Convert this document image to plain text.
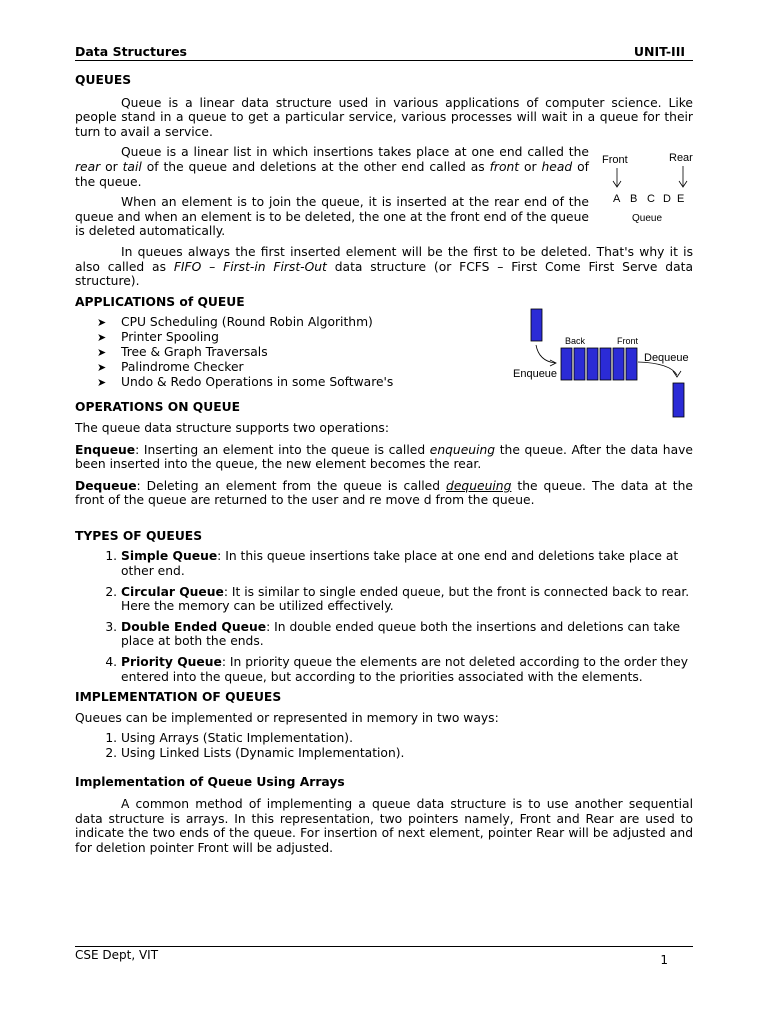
Data Structures	UNIT-III
Front	Rear
A B C D E
Queue
Back	Front
Enqueue
Dequeue

QUEUES

Queue is a linear data structure used in various applications of computer science. Like people stand in a queue to get a particular service, various processes will wait in a queue for their turn to avail a service.

Queue is a linear list in which insertions takes place at one end called the rear or tail of the queue and deletions at the other end called as front or head of the queue.

When an element is to join the queue, it is inserted at the rear end of the queue and when an element is to be deleted, the one at the front end of the queue is deleted automatically.

In queues always the first inserted element will be the first to be deleted. That's why it is also called as FIFO – First-in First-Out data structure (or FCFS – First Come First Serve data structure).

APPLICATIONS of QUEUE

➤ CPU Scheduling (Round Robin Algorithm)
➤ Printer Spooling
➤ Tree & Graph Traversals
➤ Palindrome Checker
➤ Undo & Redo Operations in some Software's

OPERATIONS ON QUEUE

The queue data structure supports two operations:

Enqueue: Inserting an element into the queue is called enqueuing the queue. After the data have been inserted into the queue, the new element becomes the rear.

Dequeue: Deleting an element from the queue is called dequeuing the queue. The data at the front of the queue are returned to the user and re move d from the queue.

TYPES OF QUEUES

1. Simple Queue: In this queue insertions take place at one end and deletions take place at other end.
2. Circular Queue: It is similar to single ended queue, but the front is connected back to rear. Here the memory can be utilized effectively.
3. Double Ended Queue: In double ended queue both the insertions and deletions can take place at both the ends.
4. Priority Queue: In priority queue the elements are not deleted according to the order they entered into the queue, but according to the priorities associated with the elements.

IMPLEMENTATION OF QUEUES

Queues can be implemented or represented in memory in two ways:

1. Using Arrays (Static Implementation).
2. Using Linked Lists (Dynamic Implementation).

Implementation of Queue Using Arrays

A common method of implementing a queue data structure is to use another sequential data structure is arrays. In this representation, two pointers namely, Front and Rear are used to indicate the two ends of the queue. For insertion of next element, pointer Rear will be adjusted and for deletion pointer Front will be adjusted.

CSE Dept, VIT	1
